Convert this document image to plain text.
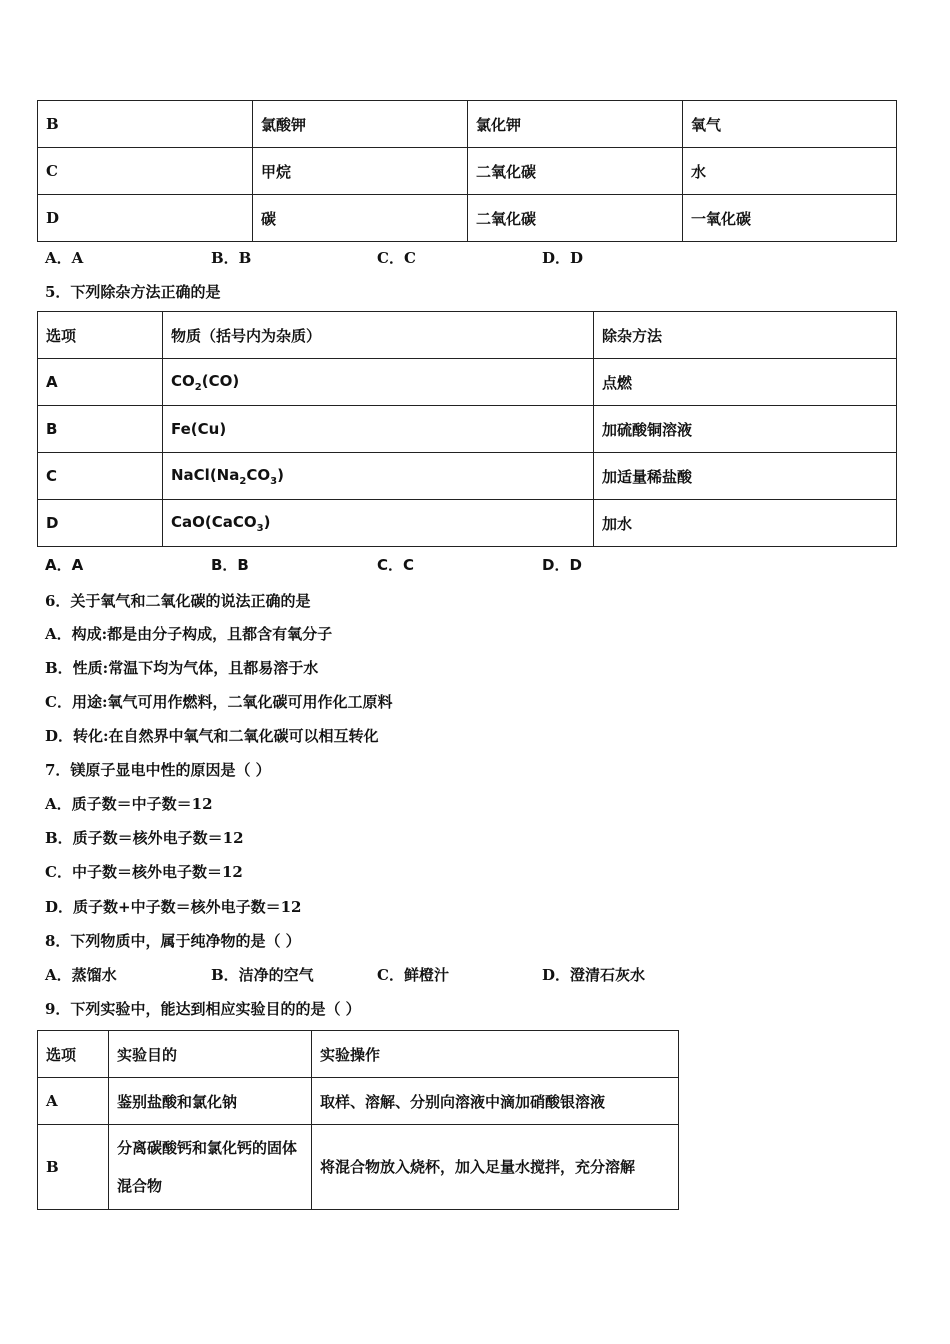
B	氯酸钾	氯化钾	氧气
C	甲烷	二氧化碳	水
D	碳	二氧化碳	一氧化碳
A．A	B．B	C．C	D．D
5．下列除杂方法正确的是
选项	物质（括号内为杂质）	除杂方法
A	$CO_2(CO)$	点燃
B	Fe(Cu)	加硫酸铜溶液
C	$NaCl(Na_2CO_3)$	加适量稀盐酸
D	CaO(CaCO$_3$)	加水
A．A	B．B	C．C	D．D
6．关于氧气和二氧化碳的说法正确的是
A．构成:都是由分子构成，且都含有氧分子
B．性质:常温下均为气体，且都易溶于水
C．用途:氧气可用作燃料，二氧化碳可用作化工原料
D．转化:在自然界中氧气和二氧化碳可以相互转化
7．镁原子显电中性的原因是（ ）
A．质子数＝中子数＝12
B．质子数＝核外电子数＝12
C．中子数＝核外电子数＝12
D．质子数+中子数＝核外电子数＝12
8．下列物质中，属于纯净物的是（ ）
A．蒸馏水	B．洁净的空气	C．鲜橙汁	D．澄清石灰水
9．下列实验中，能达到相应实验目的的是（ ）
选项	实验目的	实验操作
A	鉴别盐酸和氯化钠	取样、溶解、分别向溶液中滴加硝酸银溶液
B	分离碳酸钙和氯化钙的固体混合物	将混合物放入烧杯，加入足量水搅拌，充分溶解
